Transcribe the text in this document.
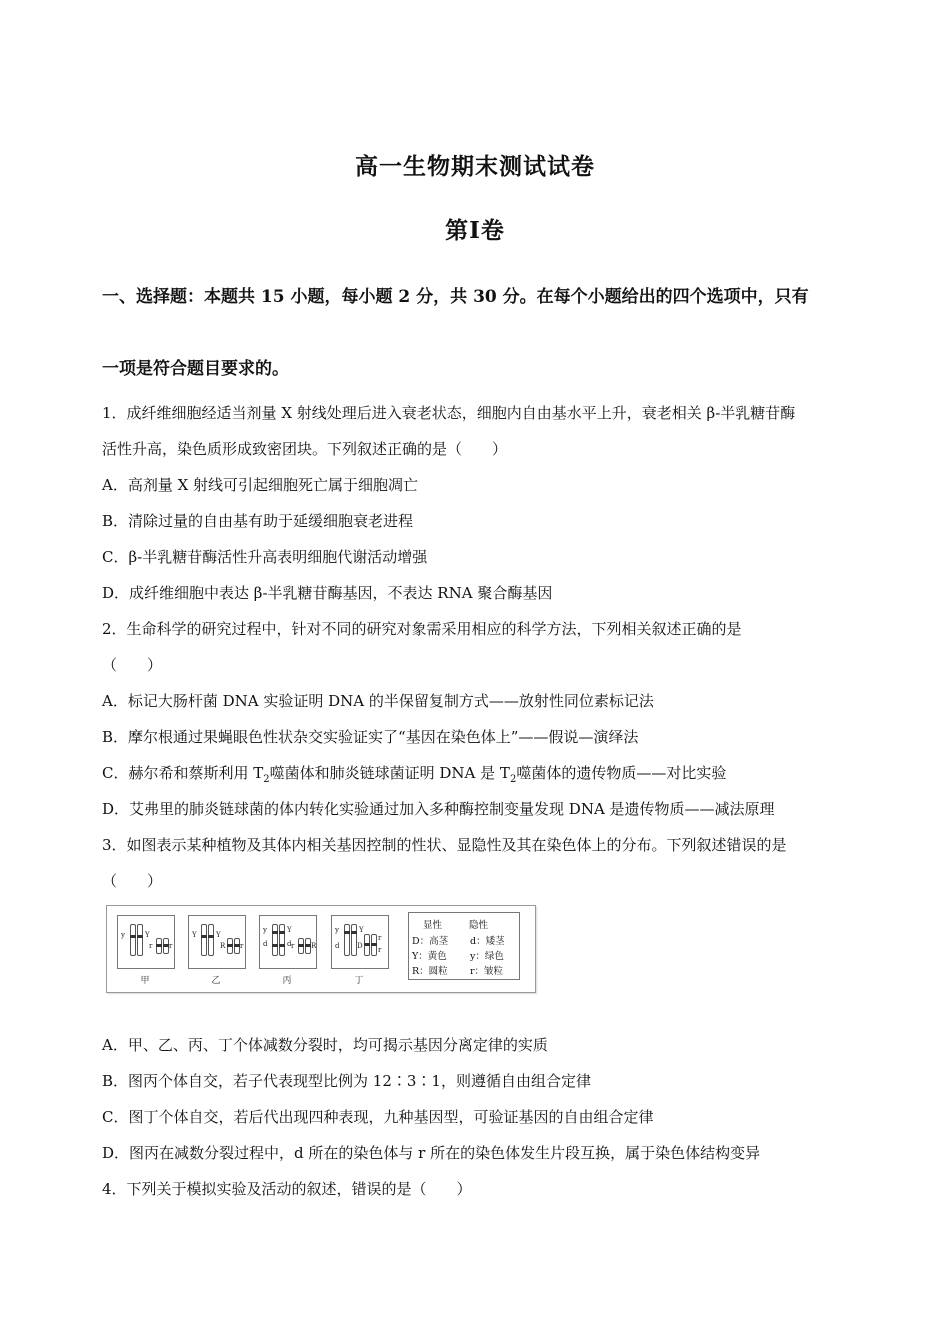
高一生物期末测试试卷
第Ⅰ卷
一、选择题：本题共 15 小题，每小题 2 分，共 30 分。在每个小题给出的四个选项中，只有
一项是符合题目要求的。
1．成纤维细胞经适当剂量 X 射线处理后进入衰老状态，细胞内自由基水平上升，衰老相关 β-半乳糖苷酶
活性升高，染色质形成致密团块。下列叙述正确的是（　　）
A．高剂量 X 射线可引起细胞死亡属于细胞凋亡
B．清除过量的自由基有助于延缓细胞衰老进程
C．β-半乳糖苷酶活性升高表明细胞代谢活动增强
D．成纤维细胞中表达 β-半乳糖苷酶基因，不表达 RNA 聚合酶基因
2．生命科学的研究过程中，针对不同的研究对象需采用相应的科学方法，下列相关叙述正确的是
（　　）
A．标记大肠杆菌 DNA 实验证明 DNA 的半保留复制方式——放射性同位素标记法
B．摩尔根通过果蝇眼色性状杂交实验证实了“基因在染色体上”——假说—演绎法
C．赫尔希和蔡斯利用 $T_2$噬菌体和肺炎链球菌证明 DNA 是 $T_2$噬菌体的遗传物质——对比实验
D．艾弗里的肺炎链球菌的体内转化实验通过加入多种酶控制变量发现 DNA 是遗传物质——减法原理
3．如图表示某种植物及其体内相关基因控制的性状、显隐性及其在染色体上的分布。下列叙述错误的是
（　　）
y	Y
r r
甲
Y	Y
R r
乙
y	Y
d	d r R
丙
y	Y
d	D
r
r
丁
显性	隐性
D：高茎 d：矮茎
Y：黄色 y：绿色
R：圆粒 r：皱粒
A．甲、乙、丙、丁个体减数分裂时，均可揭示基因分离定律的实质
B．图丙个体自交，若子代表现型比例为 12∶3∶1，则遵循自由组合定律
C．图丁个体自交，若后代出现四种表现，九种基因型，可验证基因的自由组合定律
D．图丙在减数分裂过程中，d 所在的染色体与 r 所在的染色体发生片段互换，属于染色体结构变异
4．下列关于模拟实验及活动的叙述，错误的是（　　）
